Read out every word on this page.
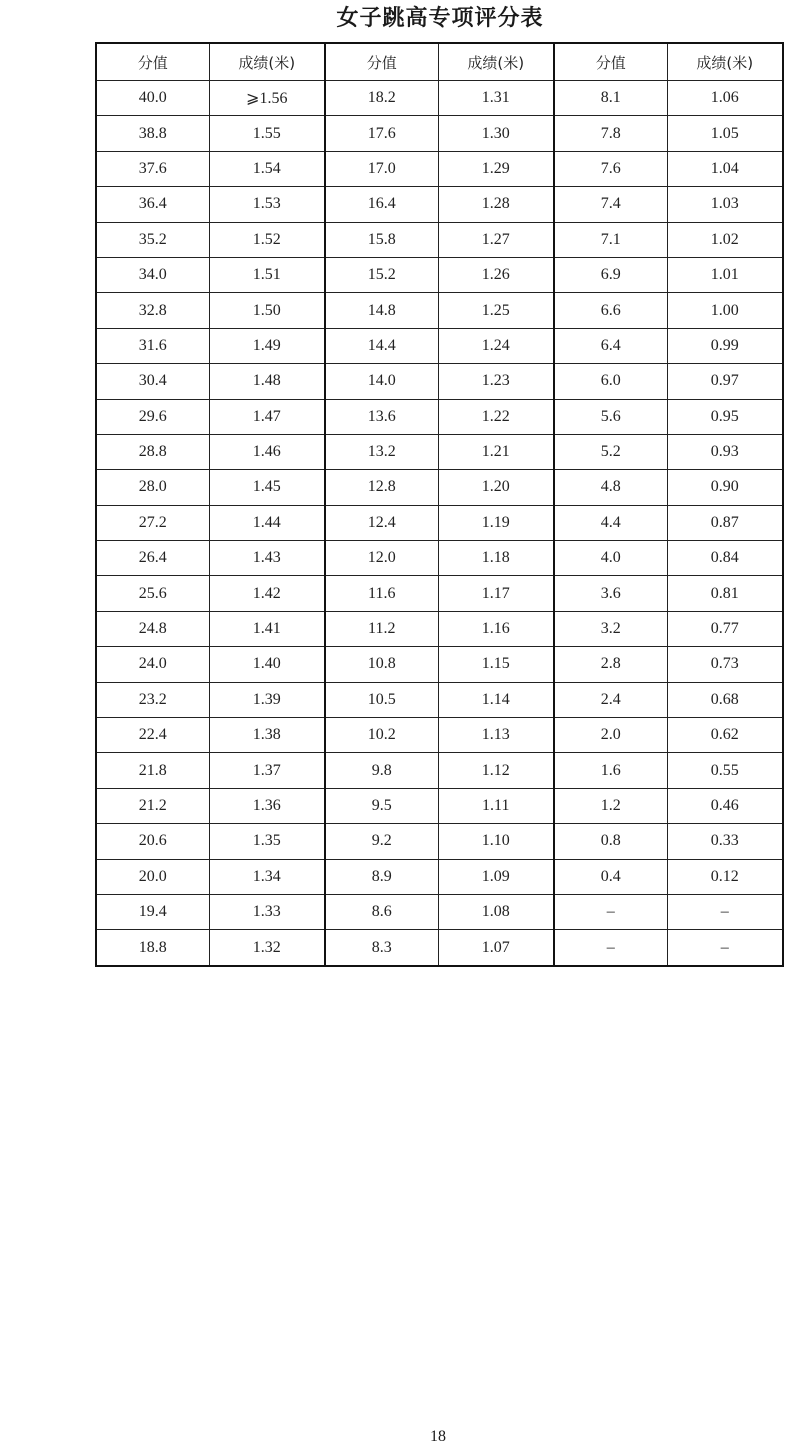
女子跳高专项评分表
分值	成绩(米)	分值	成绩(米)	分值	成绩(米)
40.0	⩾1.56	18.2	1.31	8.1	1.06
38.8	1.55	17.6	1.30	7.8	1.05
37.6	1.54	17.0	1.29	7.6	1.04
36.4	1.53	16.4	1.28	7.4	1.03
35.2	1.52	15.8	1.27	7.1	1.02
34.0	1.51	15.2	1.26	6.9	1.01
32.8	1.50	14.8	1.25	6.6	1.00
31.6	1.49	14.4	1.24	6.4	0.99
30.4	1.48	14.0	1.23	6.0	0.97
29.6	1.47	13.6	1.22	5.6	0.95
28.8	1.46	13.2	1.21	5.2	0.93
28.0	1.45	12.8	1.20	4.8	0.90
27.2	1.44	12.4	1.19	4.4	0.87
26.4	1.43	12.0	1.18	4.0	0.84
25.6	1.42	11.6	1.17	3.6	0.81
24.8	1.41	11.2	1.16	3.2	0.77
24.0	1.40	10.8	1.15	2.8	0.73
23.2	1.39	10.5	1.14	2.4	0.68
22.4	1.38	10.2	1.13	2.0	0.62
21.8	1.37	9.8	1.12	1.6	0.55
21.2	1.36	9.5	1.11	1.2	0.46
20.6	1.35	9.2	1.10	0.8	0.33
20.0	1.34	8.9	1.09	0.4	0.12
19.4	1.33	8.6	1.08	–	–
18.8	1.32	8.3	1.07	–	–
18
